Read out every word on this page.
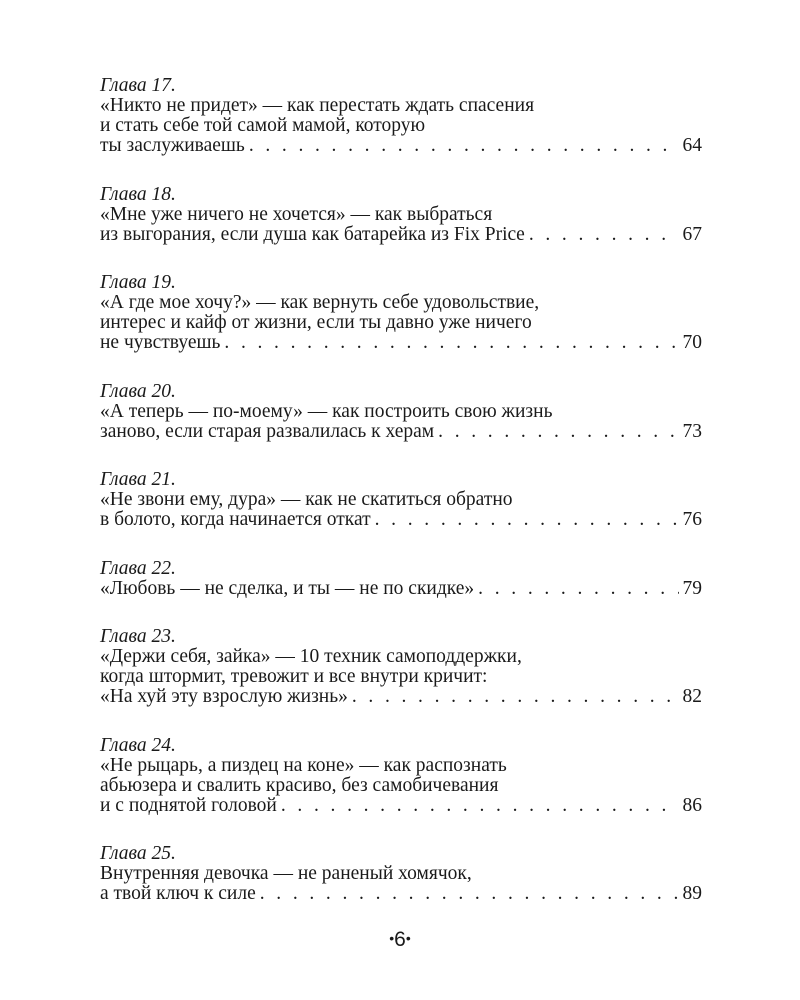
Глава 17.
«Никто не придет» — как перестать ждать спасения
и стать себе той самой мамой, которую
ты заслуживаешь . . .	64
Глава 18.
«Мне уже ничего не хочется» — как выбраться
из выгорания, если душа как батарейка из Fix Price . . .	67
Глава 19.
«А где мое хочу?» — как вернуть себе удовольствие,
интерес и кайф от жизни, если ты давно уже ничего
не чувствуешь . . .	70
Глава 20.
«А теперь — по-моему» — как построить свою жизнь
заново, если старая развалилась к херам . . .	73
Глава 21.
«Не звони ему, дура» — как не скатиться обратно
в болото, когда начинается откат . . .	76
Глава 22.
«Любовь — не сделка, и ты — не по скидке» . . .	79
Глава 23.
«Держи себя, зайка» — 10 техник самоподдержки,
когда штормит, тревожит и все внутри кричит:
«На хуй эту взрослую жизнь» . . .	82
Глава 24.
«Не рыцарь, а пиздец на коне» — как распознать
абьюзера и свалить красиво, без самобичевания
и с поднятой головой . . .	86
Глава 25.
Внутренняя девочка — не раненый хомячок,
а твой ключ к силе . . .	89
•6•
